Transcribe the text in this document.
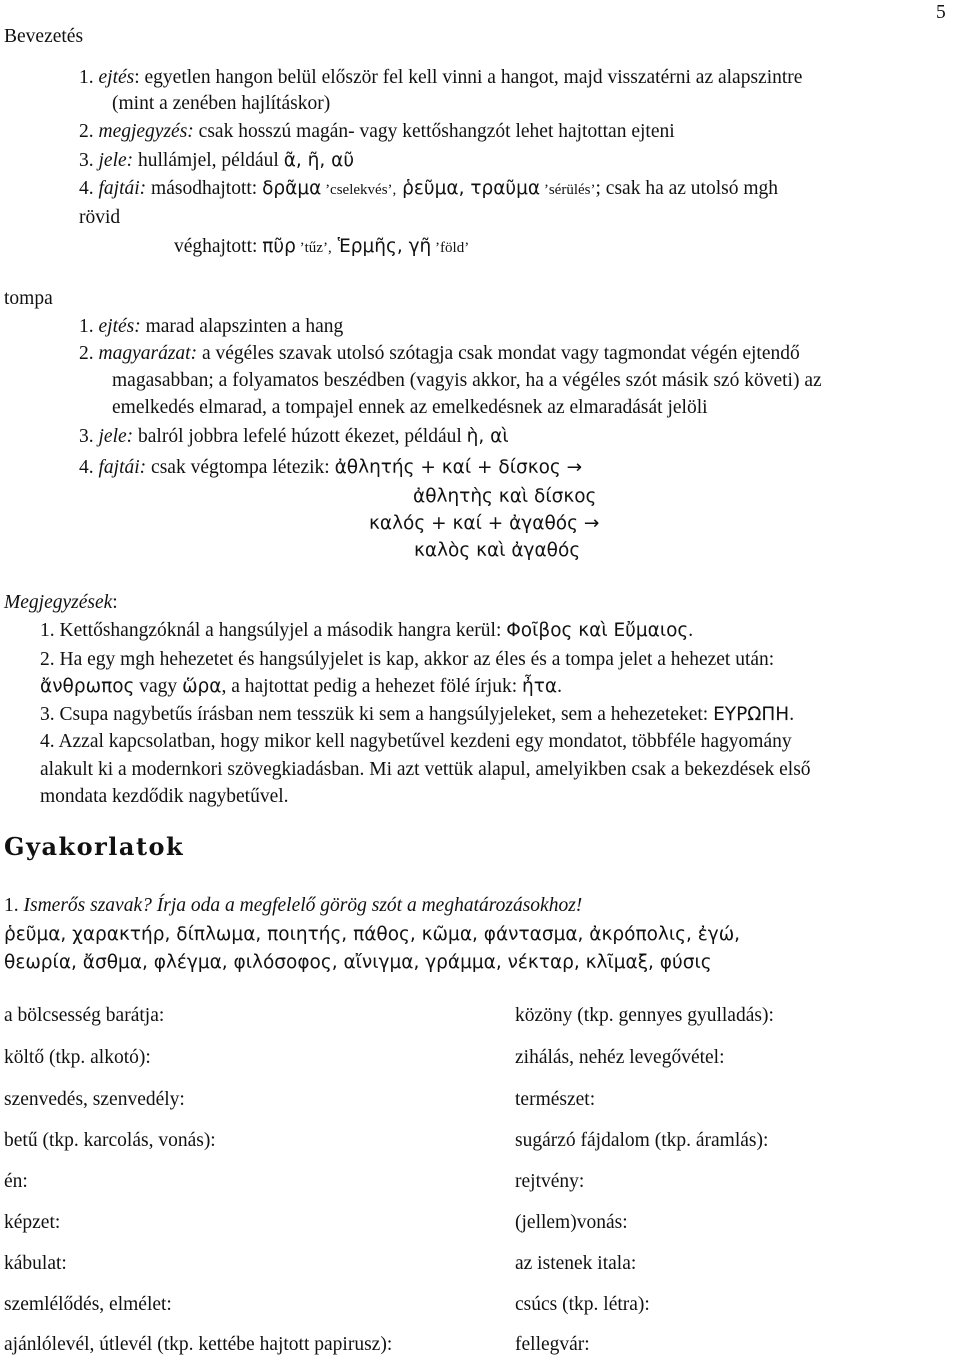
Bevezetés
5
1. ejtés: egyetlen hangon belül először fel kell vinni a hangot, majd visszatérni az alapszintre
(mint a zenében hajlításkor)
2. megjegyzés: csak hosszú magán- vagy kettőshangzót lehet hajtottan ejteni
3. jele: hullámjel, például ᾶ, ῆ, αῦ
4. fajtái: másodhajtott: δρᾶμα ’cselekvés’, ῥεῦμα, τραῦμα ’sérülés’; csak ha az utolsó mgh
rövid
véghajtott: πῦρ ’tűz’, Ἑρμῆς, γῆ ’föld’
tompa
1. ejtés: marad alapszinten a hang
2. magyarázat: a végéles szavak utolsó szótagja csak mondat vagy tagmondat végén ejtendő
magasabban; a folyamatos beszédben (vagyis akkor, ha a végéles szót másik szó követi) az
emelkedés elmarad, a tompajel ennek az emelkedésnek az elmaradását jelöli
3. jele: balról jobbra lefelé húzott ékezet, például ὴ, αὶ
4. fajtái: csak végtompa létezik: ἀθλητής + καί + δίσκος →
ἀθλητὴς καὶ δίσκος
καλός + καί + ἀγαθός →
καλὸς καὶ ἀγαθός
Megjegyzések:
1. Kettőshangzóknál a hangsúlyjel a második hangra kerül: Φοῖβος καὶ Εὔμαιος.
2. Ha egy mgh hehezetet és hangsúlyjelet is kap, akkor az éles és a tompa jelet a hehezet után:
ἄνθρωπος vagy ὥρα, a hajtottat pedig a hehezet fölé írjuk: ἦτα.
3. Csupa nagybetűs írásban nem tesszük ki sem a hangsúlyjeleket, sem a hehezeteket: ΕΥΡΩΠΗ.
4. Azzal kapcsolatban, hogy mikor kell nagybetűvel kezdeni egy mondatot, többféle hagyomány
alakult ki a modernkori szövegkiadásban. Mi azt vettük alapul, amelyikben csak a bekezdések első
mondata kezdődik nagybetűvel.
Gyakorlatok
1. Ismerős szavak? Írja oda a megfelelő görög szót a meghatározásokhoz!
ῥεῦμα, χαρακτήρ, δίπλωμα, ποιητής, πάθος, κῶμα, φάντασμα, ἀκρόπολις, ἐγώ,
θεωρία, ἄσθμα, φλέγμα, φιλόσοφος, αἴνιγμα, γράμμα, νέκταρ, κλῖμαξ, φύσις
a bölcsesség barátja:
költő (tkp. alkotó):
szenvedés, szenvedély:
betű (tkp. karcolás, vonás):
én:
képzet:
kábulat:
szemlélődés, elmélet:
ajánlólevél, útlevél (tkp. kettébe hajtott papirusz):
közöny (tkp. gennyes gyulladás):
zihálás, nehéz levegővétel:
természet:
sugárzó fájdalom (tkp. áramlás):
rejtvény:
(jellem)vonás:
az istenek itala:
csúcs (tkp. létra):
fellegvár:
